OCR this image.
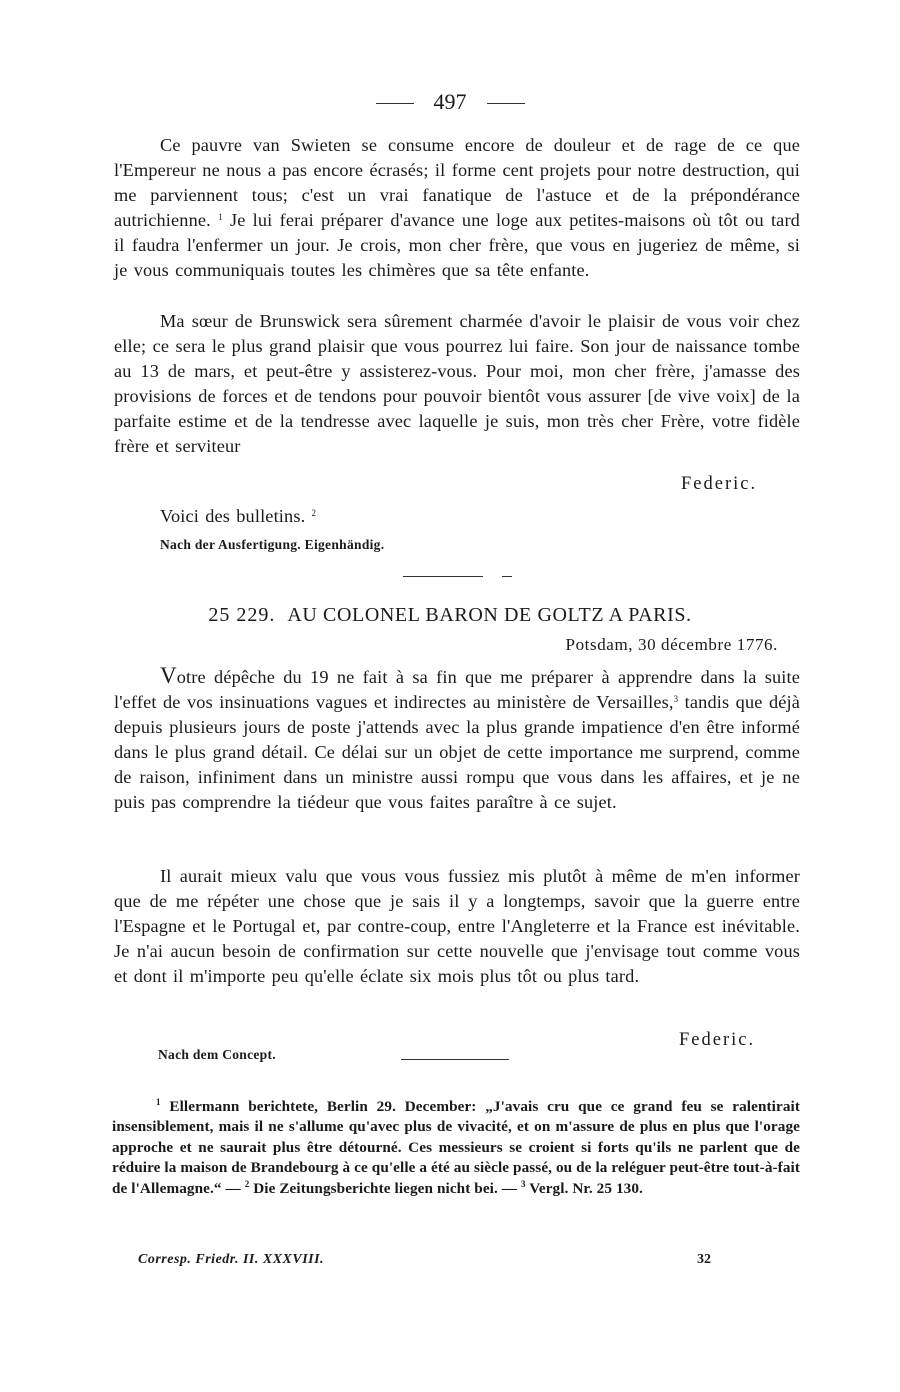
497

Ce pauvre van Swieten se consume encore de douleur et de rage de ce que l'Empereur ne nous a pas encore écrasés; il forme cent projets pour notre destruction, qui me parviennent tous; c'est un vrai fanatique de l'astuce et de la prépondérance autrichienne. $^1$ Je lui ferai préparer d'avance une loge aux petites-maisons où tôt ou tard il faudra l'enfermer un jour. Je crois, mon cher frère, que vous en jugeriez de même, si je vous communiquais toutes les chimères que sa tête enfante.

Ma sœur de Brunswick sera sûrement charmée d'avoir le plaisir de vous voir chez elle; ce sera le plus grand plaisir que vous pourrez lui faire. Son jour de naissance tombe au 13 de mars, et peut-être y assisterez-vous. Pour moi, mon cher frère, j'amasse des provisions de forces et de tendons pour pouvoir bientôt vous assurer [de vive voix] de la parfaite estime et de la tendresse avec laquelle je suis, mon très cher Frère, votre fidèle frère et serviteur

Federic.
Voici des bulletins. $^2$
Nach der Ausfertigung. Eigenhändig.
25 229. AU COLONEL BARON DE GOLTZ A PARIS.
Potsdam, 30 décembre 1776.

Votre dépêche du 19 ne fait à sa fin que me préparer à apprendre dans la suite l'effet de vos insinuations vagues et indirectes au ministère de Versailles,$^3$ tandis que déjà depuis plusieurs jours de poste j'attends avec la plus grande impatience d'en être informé dans le plus grand détail. Ce délai sur un objet de cette importance me surprend, comme de raison, infiniment dans un ministre aussi rompu que vous dans les affaires, et je ne puis pas comprendre la tiédeur que vous faites paraître à ce sujet.

Il aurait mieux valu que vous vous fussiez mis plutôt à même de m'en informer que de me répéter une chose que je sais il y a longtemps, savoir que la guerre entre l'Espagne et le Portugal et, par contre-coup, entre l'Angleterre et la France est inévitable. Je n'ai aucun besoin de confirmation sur cette nouvelle que j'envisage tout comme vous et dont il m'importe peu qu'elle éclate six mois plus tôt ou plus tard.

Federic.
Nach dem Concept.

$^1$ Ellermann berichtete, Berlin 29. December: „J'avais cru que ce grand feu se ralentirait insensiblement, mais il ne s'allume qu'avec plus de vivacité, et on m'assure de plus en plus que l'orage approche et ne saurait plus être détourné. Ces messieurs se croient si forts qu'ils ne parlent que de réduire la maison de Brandebourg à ce qu'elle a été au siècle passé, ou de la reléguer peut-être tout-à-fait de l'Allemagne.“ — $^2$ Die Zeitungsberichte liegen nicht bei. — $^3$ Vergl. Nr. 25 130.

Corresp. Friedr. II. XXXVIII.	32
